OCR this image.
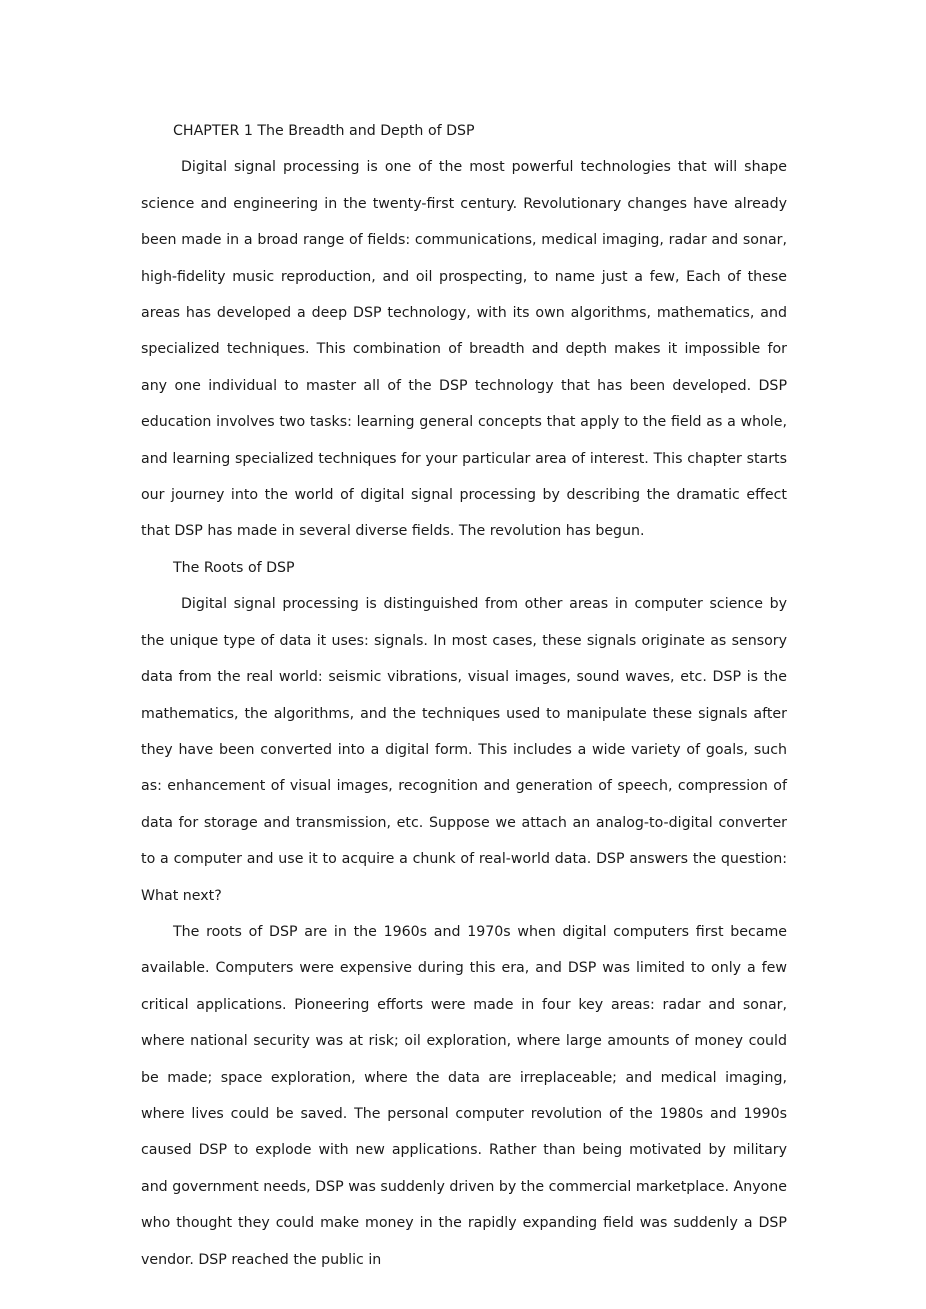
CHAPTER 1 The Breadth and Depth of DSP

Digital signal processing is one of the most powerful technologies that will shape science and engineering in the twenty-first century. Revolutionary changes have already been made in a broad range of fields: communications, medical imaging, radar and sonar, high-fidelity music reproduction, and oil prospecting, to name just a few, Each of these areas has developed a deep DSP technology, with its own algorithms, mathematics, and specialized techniques. This combination of breadth and depth makes it impossible for any one individual to master all of the DSP technology that has been developed. DSP education involves two tasks: learning general concepts that apply to the field as a whole, and learning specialized techniques for your particular area of interest. This chapter starts our journey into the world of digital signal processing by describing the dramatic effect that DSP has made in several diverse fields. The revolution has begun.

The Roots of DSP

Digital signal processing is distinguished from other areas in computer science by the unique type of data it uses: signals. In most cases, these signals originate as sensory data from the real world: seismic vibrations, visual images, sound waves, etc. DSP is the mathematics, the algorithms, and the techniques used to manipulate these signals after they have been converted into a digital form. This includes a wide variety of goals, such as: enhancement of visual images, recognition and generation of speech, compression of data for storage and transmission, etc. Suppose we attach an analog-to-digital converter to a computer and use it to acquire a chunk of real-world data. DSP answers the question: What next?

The roots of DSP are in the 1960s and 1970s when digital computers first became available. Computers were expensive during this era, and DSP was limited to only a few critical applications. Pioneering efforts were made in four key areas: radar and sonar, where national security was at risk; oil exploration, where large amounts of money could be made; space exploration, where the data are irreplaceable; and medical imaging, where lives could be saved. The personal computer revolution of the 1980s and 1990s caused DSP to explode with new applications. Rather than being motivated by military and government needs, DSP was suddenly driven by the commercial marketplace. Anyone who thought they could make money in the rapidly expanding field was suddenly a DSP vendor. DSP reached the public in
